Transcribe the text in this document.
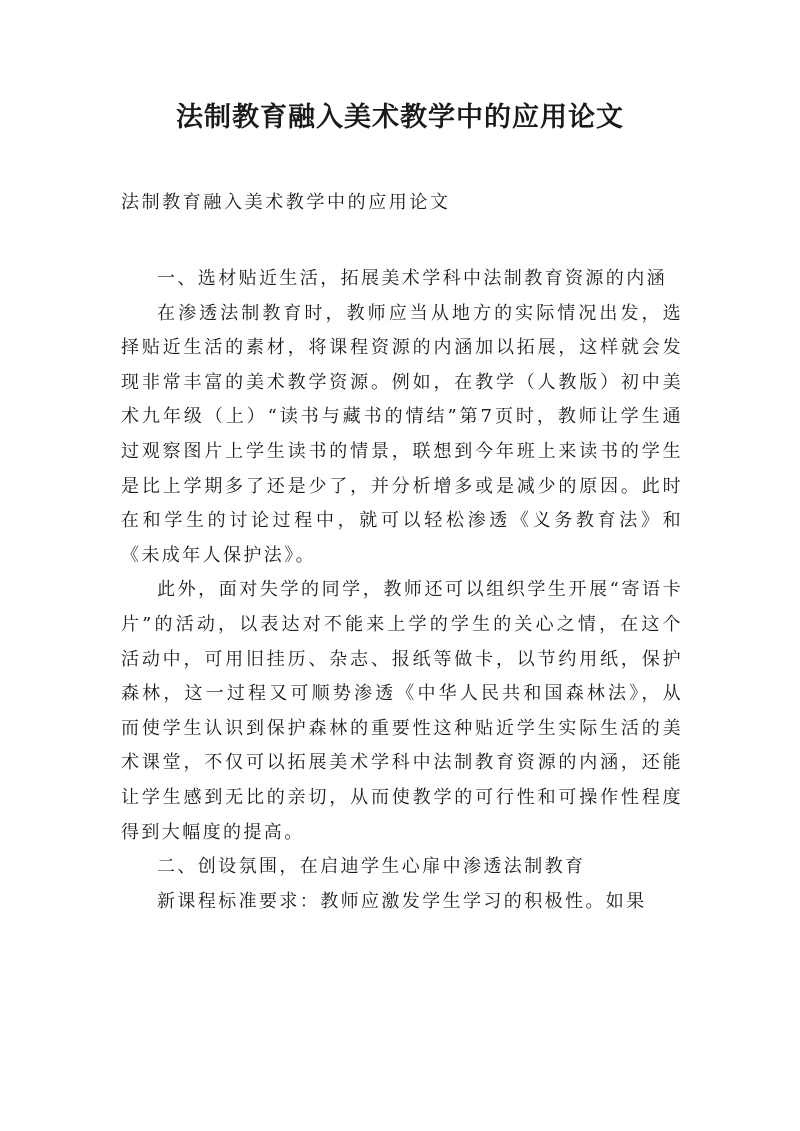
法制教育融入美术教学中的应用论文

法制教育融入美术教学中的应用论文

一、选材贴近生活，拓展美术学科中法制教育资源的内涵

在渗透法制教育时，教师应当从地方的实际情况出发，选择贴近生活的素材，将课程资源的内涵加以拓展，这样就会发现非常丰富的美术教学资源。例如，在教学（人教版）初中美术九年级（上）“读书与藏书的情结”第7页时，教师让学生通过观察图片上学生读书的情景，联想到今年班上来读书的学生是比上学期多了还是少了，并分析增多或是减少的原因。此时在和学生的讨论过程中，就可以轻松渗透《义务教育法》和《未成年人保护法》。

此外，面对失学的同学，教师还可以组织学生开展“寄语卡片”的活动，以表达对不能来上学的学生的关心之情，在这个活动中，可用旧挂历、杂志、报纸等做卡，以节约用纸，保护森林，这一过程又可顺势渗透《中华人民共和国森林法》，从而使学生认识到保护森林的重要性这种贴近学生实际生活的美术课堂，不仅可以拓展美术学科中法制教育资源的内涵，还能让学生感到无比的亲切，从而使教学的可行性和可操作性程度得到大幅度的提高。

二、创设氛围，在启迪学生心扉中渗透法制教育

新课程标准要求：教师应激发学生学习的积极性。如果
